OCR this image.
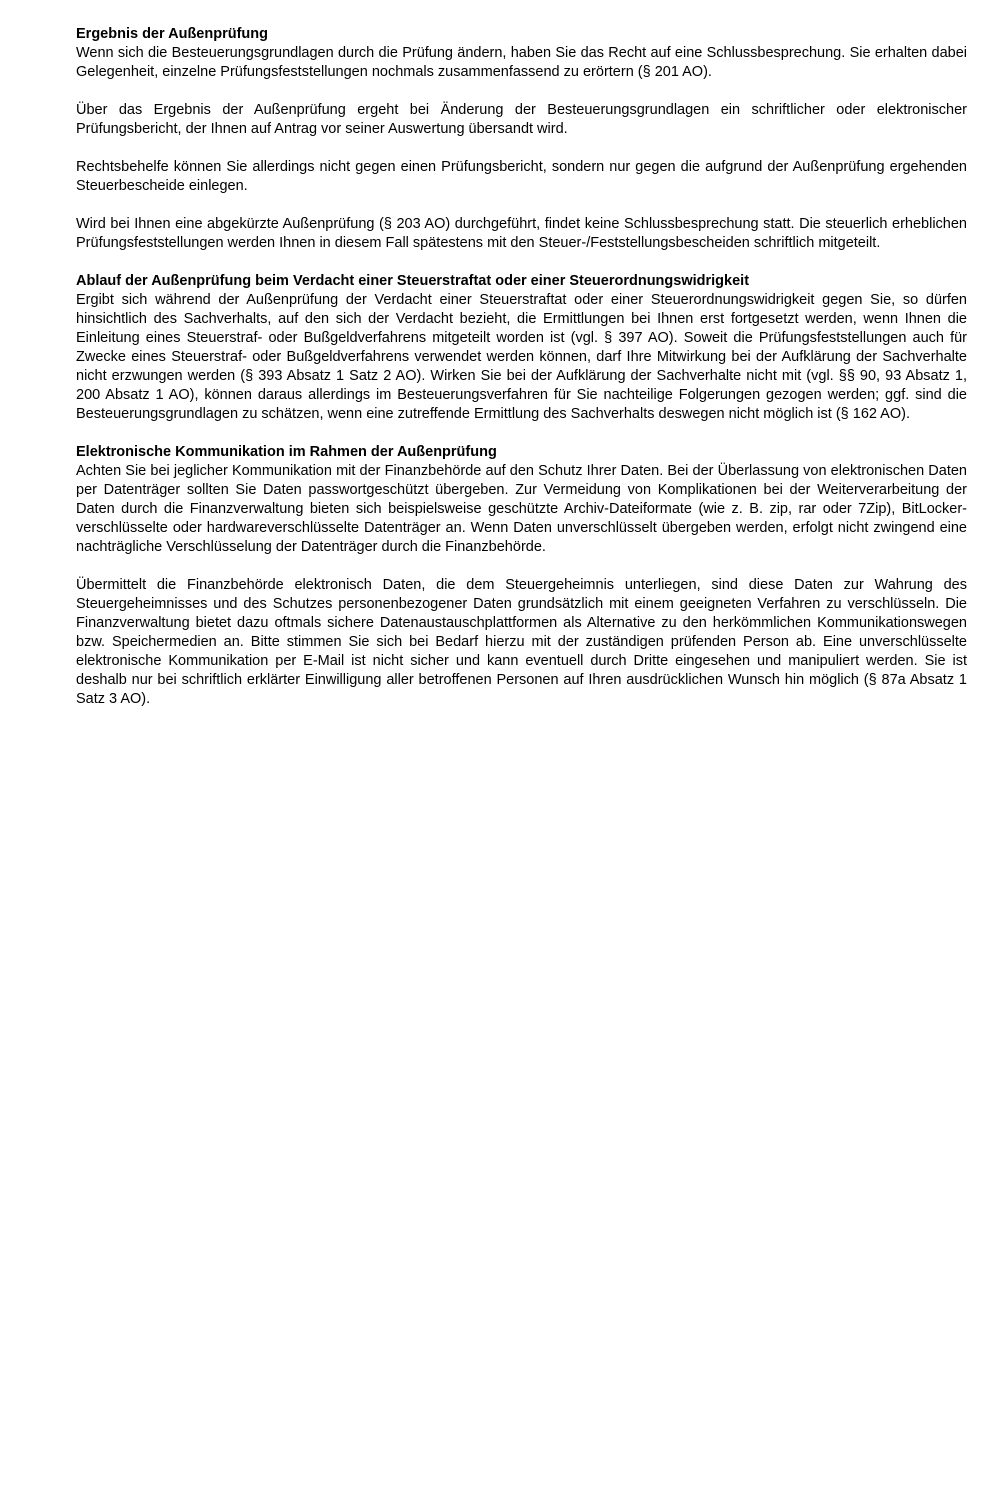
Ergebnis der Außenprüfung

Wenn sich die Besteuerungsgrundlagen durch die Prüfung ändern, haben Sie das Recht auf eine Schlussbesprechung. Sie erhalten dabei Gelegenheit, einzelne Prüfungsfeststellungen nochmals zusammenfassend zu erörtern (§ 201 AO).

Über das Ergebnis der Außenprüfung ergeht bei Änderung der Besteuerungsgrundlagen ein schriftlicher oder elektronischer Prüfungsbericht, der Ihnen auf Antrag vor seiner Auswertung übersandt wird.

Rechtsbehelfe können Sie allerdings nicht gegen einen Prüfungsbericht, sondern nur gegen die aufgrund der Außenprüfung ergehenden Steuerbescheide einlegen.

Wird bei Ihnen eine abgekürzte Außenprüfung (§ 203 AO) durchgeführt, findet keine Schlussbesprechung statt. Die steuerlich erheblichen Prüfungsfeststellungen werden Ihnen in diesem Fall spätestens mit den Steuer-/Feststellungsbescheiden schriftlich mitgeteilt.

Ablauf der Außenprüfung beim Verdacht einer Steuerstraftat oder einer Steuerordnungswidrigkeit

Ergibt sich während der Außenprüfung der Verdacht einer Steuerstraftat oder einer Steuerordnungswidrigkeit gegen Sie, so dürfen hinsichtlich des Sachverhalts, auf den sich der Verdacht bezieht, die Ermittlungen bei Ihnen erst fortgesetzt werden, wenn Ihnen die Einleitung eines Steuerstraf- oder Bußgeldverfahrens mitgeteilt worden ist (vgl. § 397 AO). Soweit die Prüfungsfeststellungen auch für Zwecke eines Steuerstraf- oder Bußgeldverfahrens verwendet werden können, darf Ihre Mitwirkung bei der Aufklärung der Sachverhalte nicht erzwungen werden (§ 393 Absatz 1 Satz 2 AO). Wirken Sie bei der Aufklärung der Sachverhalte nicht mit (vgl. §§ 90, 93 Absatz 1, 200 Absatz 1 AO), können daraus allerdings im Besteuerungsverfahren für Sie nachteilige Folgerungen gezogen werden; ggf. sind die Besteuerungsgrundlagen zu schätzen, wenn eine zutreffende Ermittlung des Sachverhalts deswegen nicht möglich ist (§ 162 AO).

Elektronische Kommunikation im Rahmen der Außenprüfung

Achten Sie bei jeglicher Kommunikation mit der Finanzbehörde auf den Schutz Ihrer Daten. Bei der Überlassung von elektronischen Daten per Datenträger sollten Sie Daten passwortgeschützt übergeben. Zur Vermeidung von Komplikationen bei der Weiterverarbeitung der Daten durch die Finanzverwaltung bieten sich beispielsweise geschützte Archiv-Dateiformate (wie z. B. zip, rar oder 7Zip), BitLocker-verschlüsselte oder hardwareverschlüsselte Datenträger an. Wenn Daten unverschlüsselt übergeben werden, erfolgt nicht zwingend eine nachträgliche Verschlüsselung der Datenträger durch die Finanzbehörde.

Übermittelt die Finanzbehörde elektronisch Daten, die dem Steuergeheimnis unterliegen, sind diese Daten zur Wahrung des Steuergeheimnisses und des Schutzes personenbezogener Daten grundsätzlich mit einem geeigneten Verfahren zu verschlüsseln. Die Finanzverwaltung bietet dazu oftmals sichere Datenaustauschplattformen als Alternative zu den herkömmlichen Kommunikationswegen bzw. Speichermedien an. Bitte stimmen Sie sich bei Bedarf hierzu mit der zuständigen prüfenden Person ab. Eine unverschlüsselte elektronische Kommunikation per E-Mail ist nicht sicher und kann eventuell durch Dritte eingesehen und manipuliert werden. Sie ist deshalb nur bei schriftlich erklärter Einwilligung aller betroffenen Personen auf Ihren ausdrücklichen Wunsch hin möglich (§ 87a Absatz 1 Satz 3 AO).
